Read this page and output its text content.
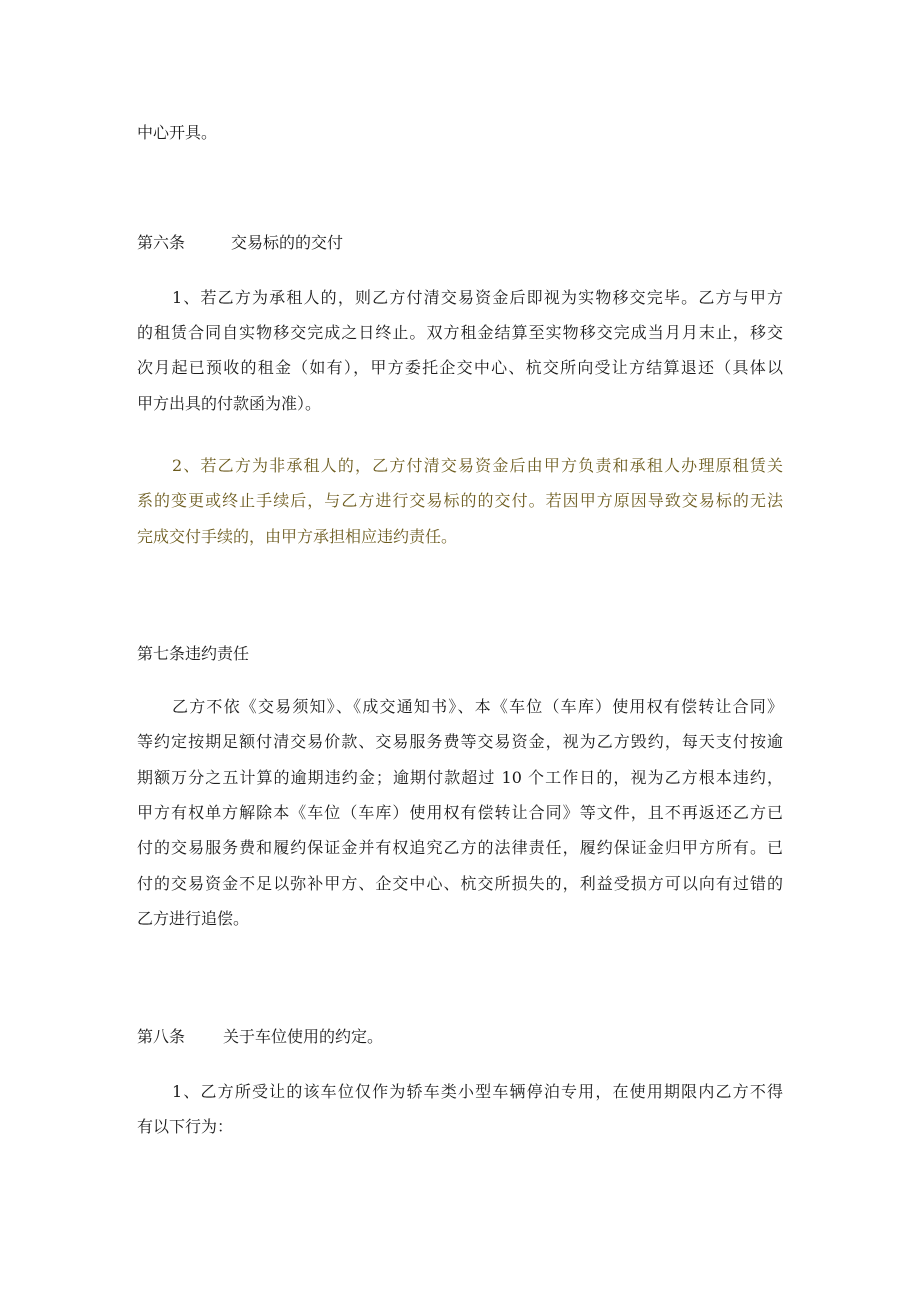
中心开具。
第六条	交易标的的交付
1、若乙方为承租人的，则乙方付清交易资金后即视为实物移交完毕。乙方与甲方
的租赁合同自实物移交完成之日终止。双方租金结算至实物移交完成当月月末止，移交
次月起已预收的租金（如有），甲方委托企交中心、杭交所向受让方结算退还（具体以
甲方出具的付款函为准）。
2、若乙方为非承租人的，乙方付清交易资金后由甲方负责和承租人办理原租赁关
系的变更或终止手续后，与乙方进行交易标的的交付。若因甲方原因导致交易标的无法
完成交付手续的，由甲方承担相应违约责任。
第七条违约责任
乙方不依《交易须知》、《成交通知书》、本《车位（车库）使用权有偿转让合同》
等约定按期足额付清交易价款、交易服务费等交易资金，视为乙方毁约，每天支付按逾
期额万分之五计算的逾期违约金；逾期付款超过 10 个工作日的，视为乙方根本违约，
甲方有权单方解除本《车位（车库）使用权有偿转让合同》等文件，且不再返还乙方已
付的交易服务费和履约保证金并有权追究乙方的法律责任，履约保证金归甲方所有。已
付的交易资金不足以弥补甲方、企交中心、杭交所损失的，利益受损方可以向有过错的
乙方进行追偿。
第八条 关于车位使用的约定。
1、乙方所受让的该车位仅作为轿车类小型车辆停泊专用，在使用期限内乙方不得
有以下行为：
